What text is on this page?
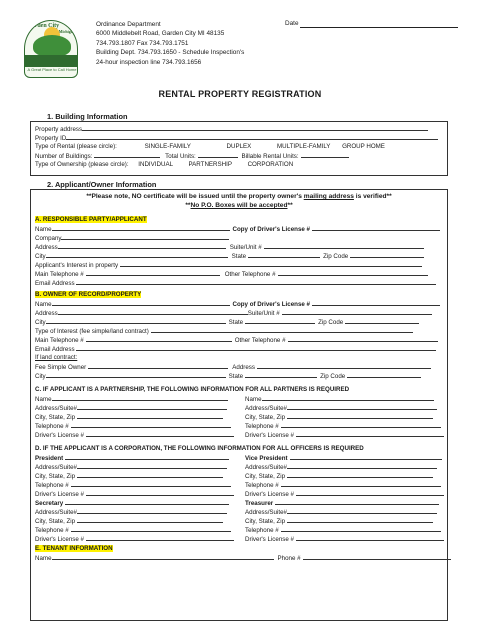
Garden City
Michigan
A Great Place to Call Home
Ordinance Department
6000 Middlebelt Road, Garden City MI 48135
734.793.1807 Fax 734.793.1751
Building Dept. 734.793.1650 - Schedule Inspection's
24-hour inspection line 734.793.1656
Date
RENTAL PROPERTY REGISTRATION
1. Building Information
Property address
Property ID
Type of Rental (please circle):	SINGLE-FAMILY	DUPLEX	MULTIPLE-FAMILY GROUP HOME
Number of Buildings:	Total Units:	Billable Rental Units:
Type of Ownership (please circle): INDIVIDUAL	PARTNERSHIP	CORPORATION
2. Applicant/Owner Information
**Please note, NO certificate will be issued until the property owner's mailing address is verified**
**No P.O. Boxes will be accepted**
A. RESPONSIBLE PARTY/APPLICANT
Name	Copy of Driver's License #
Company
Address	Suite/Unit #
City	State	Zip Code
Applicant's Interest in property
Main Telephone #	Other Telephone #
Email Address
B. OWNER OF RECORD/PROPERTY
Name	Copy of Driver's License #
Address	Suite/Unit #
City	State	Zip Code
Type of Interest (fee simple/land contract)
Main Telephone #	Other Telephone #
Email Address
If land contract:
Fee Simple Owner	Address
City	State	Zip Code
C. IF APPLICANT IS A PARTNERSHIP, THE FOLLOWING INFORMATION FOR ALL PARTNERS IS REQUIRED
Name	Name
Address/Suite#	Address/Suite#
City, State, Zip	City, State, Zip
Telephone #	Telephone #
Driver's License #	Driver's License #
D. IF THE APPLICANT IS A CORPORATION, THE FOLLOWING INFORMATION FOR ALL OFFICERS IS REQUIRED
President	Vice President
Address/Suite#	Address/Suite#
City, State, Zip	City, State, Zip
Telephone #	Telephone #
Driver's License #	Driver's License #
Secretary	Treasurer
Address/Suite#	Address/Suite#
City, State, Zip	City, State, Zip
Telephone #	Telephone #
Driver's License #	Driver's License #
E. TENANT INFORMATION
Name	Phone #
